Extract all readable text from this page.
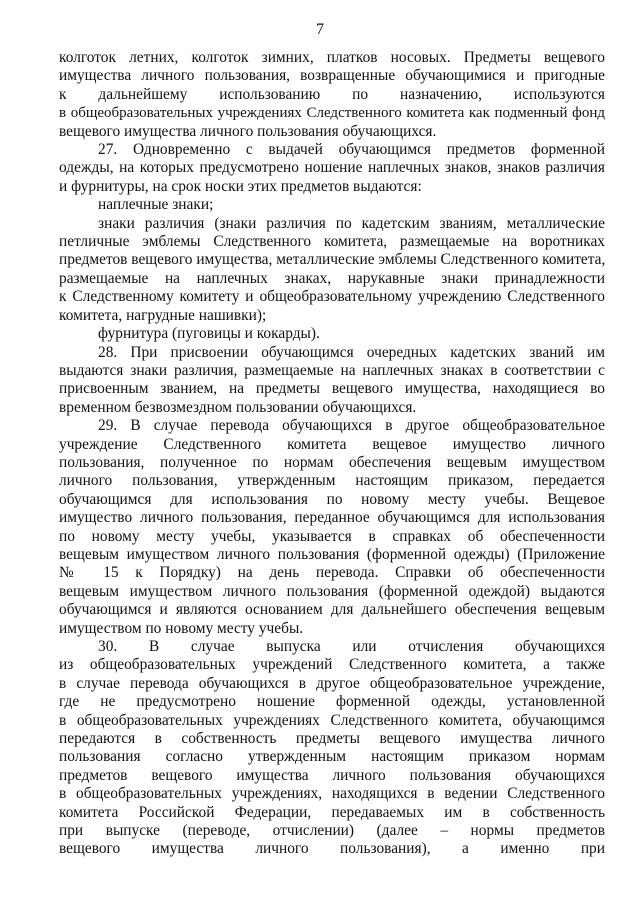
7
колготок летних, колготок зимних, платков носовых. Предметы вещевого
имущества личного пользования, возвращенные обучающимися и пригодные
к дальнейшему использованию по назначению, используются
в общеобразовательных учреждениях Следственного комитета как подменный фонд
вещевого имущества личного пользования обучающихся.
27. Одновременно с выдачей обучающимся предметов форменной
одежды, на которых предусмотрено ношение наплечных знаков, знаков различия
и фурнитуры, на срок носки этих предметов выдаются:
наплечные знаки;
знаки различия (знаки различия по кадетским званиям, металлические
петличные эмблемы Следственного комитета, размещаемые на воротниках
предметов вещевого имущества, металлические эмблемы Следственного комитета,
размещаемые на наплечных знаках, нарукавные знаки принадлежности
к Следственному комитету и общеобразовательному учреждению Следственного
комитета, нагрудные нашивки);
фурнитура (пуговицы и кокарды).
28. При присвоении обучающимся очередных кадетских званий им
выдаются знаки различия, размещаемые на наплечных знаках в соответствии с
присвоенным званием, на предметы вещевого имущества, находящиеся во
временном безвозмездном пользовании обучающихся.
29. В случае перевода обучающихся в другое общеобразовательное
учреждение Следственного комитета вещевое имущество личного
пользования, полученное по нормам обеспечения вещевым имуществом
личного пользования, утвержденным настоящим приказом, передается
обучающимся для использования по новому месту учебы. Вещевое
имущество личного пользования, переданное обучающимся для использования
по новому месту учебы, указывается в справках об обеспеченности
вещевым имуществом личного пользования (форменной одежды) (Приложение
№ 15 к Порядку) на день перевода. Справки об обеспеченности
вещевым имуществом личного пользования (форменной одеждой) выдаются
обучающимся и являются основанием для дальнейшего обеспечения вещевым
имуществом по новому месту учебы.
30. В случае выпуска или отчисления обучающихся
из общеобразовательных учреждений Следственного комитета, а также
в случае перевода обучающихся в другое общеобразовательное учреждение,
где не предусмотрено ношение форменной одежды, установленной
в общеобразовательных учреждениях Следственного комитета, обучающимся
передаются в собственность предметы вещевого имущества личного
пользования согласно утвержденным настоящим приказом нормам
предметов вещевого имущества личного пользования обучающихся
в общеобразовательных учреждениях, находящихся в ведении Следственного
комитета Российской Федерации, передаваемых им в собственность
при выпуске (переводе, отчислении) (далее – нормы предметов
вещевого имущества личного пользования), а именно при
